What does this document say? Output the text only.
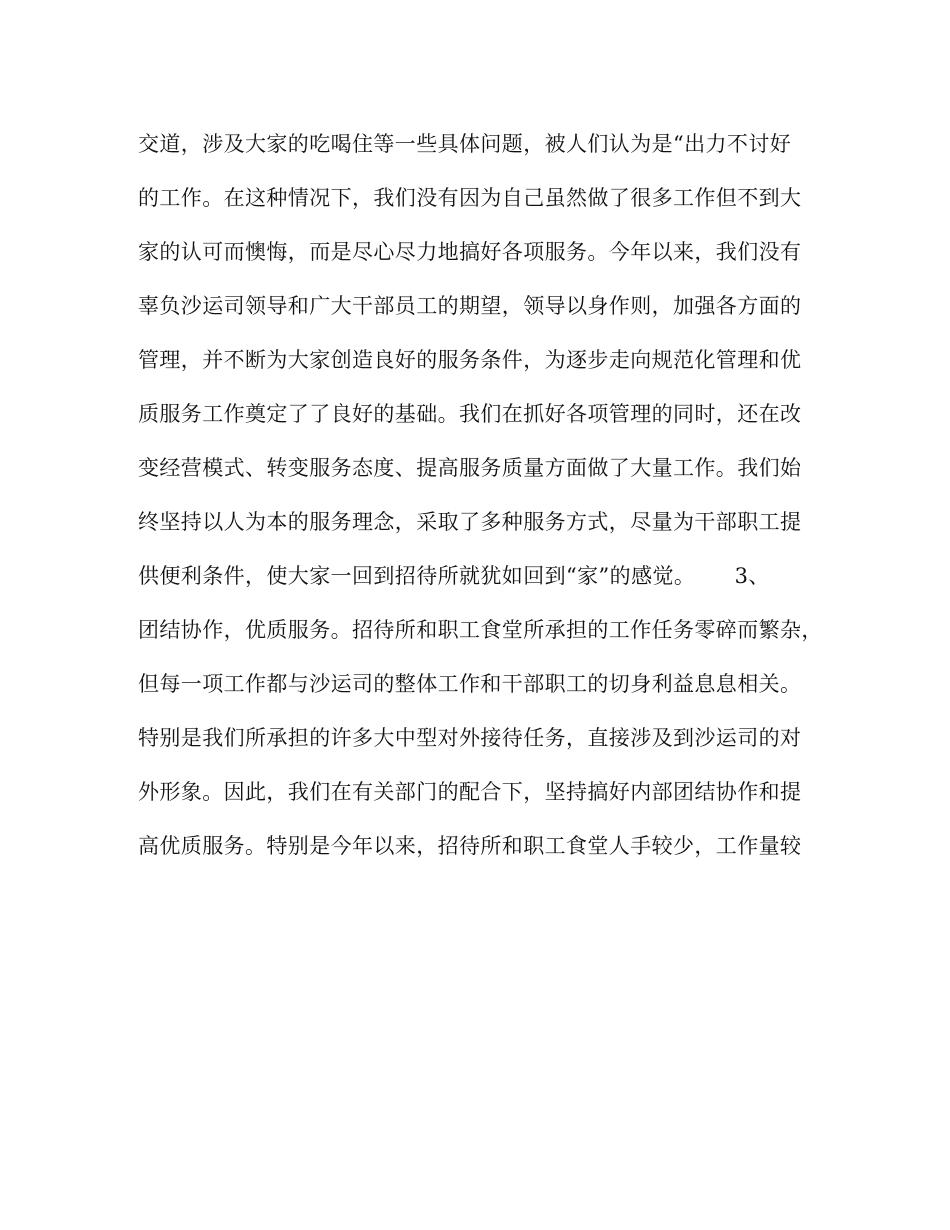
交道，涉及大家的吃喝住等一些具体问题，被人们认为是“出力不讨好
的工作。在这种情况下，我们没有因为自己虽然做了很多工作但不到大
家的认可而懊悔，而是尽心尽力地搞好各项服务。今年以来，我们没有
辜负沙运司领导和广大干部员工的期望，领导以身作则，加强各方面的
管理，并不断为大家创造良好的服务条件，为逐步走向规范化管理和优
质服务工作奠定了了良好的基础。我们在抓好各项管理的同时，还在改
变经营模式、转变服务态度、提高服务质量方面做了大量工作。我们始
终坚持以人为本的服务理念，采取了多种服务方式，尽量为干部职工提
供便利条件，使大家一回到招待所就犹如回到“家”的感觉。　　 3、
团结协作，优质服务。招待所和职工食堂所承担的工作任务零碎而繁杂，
但每一项工作都与沙运司的整体工作和干部职工的切身利益息息相关。
特别是我们所承担的许多大中型对外接待任务，直接涉及到沙运司的对
外形象。因此，我们在有关部门的配合下，坚持搞好内部团结协作和提
高优质服务。特别是今年以来，招待所和职工食堂人手较少，工作量较
